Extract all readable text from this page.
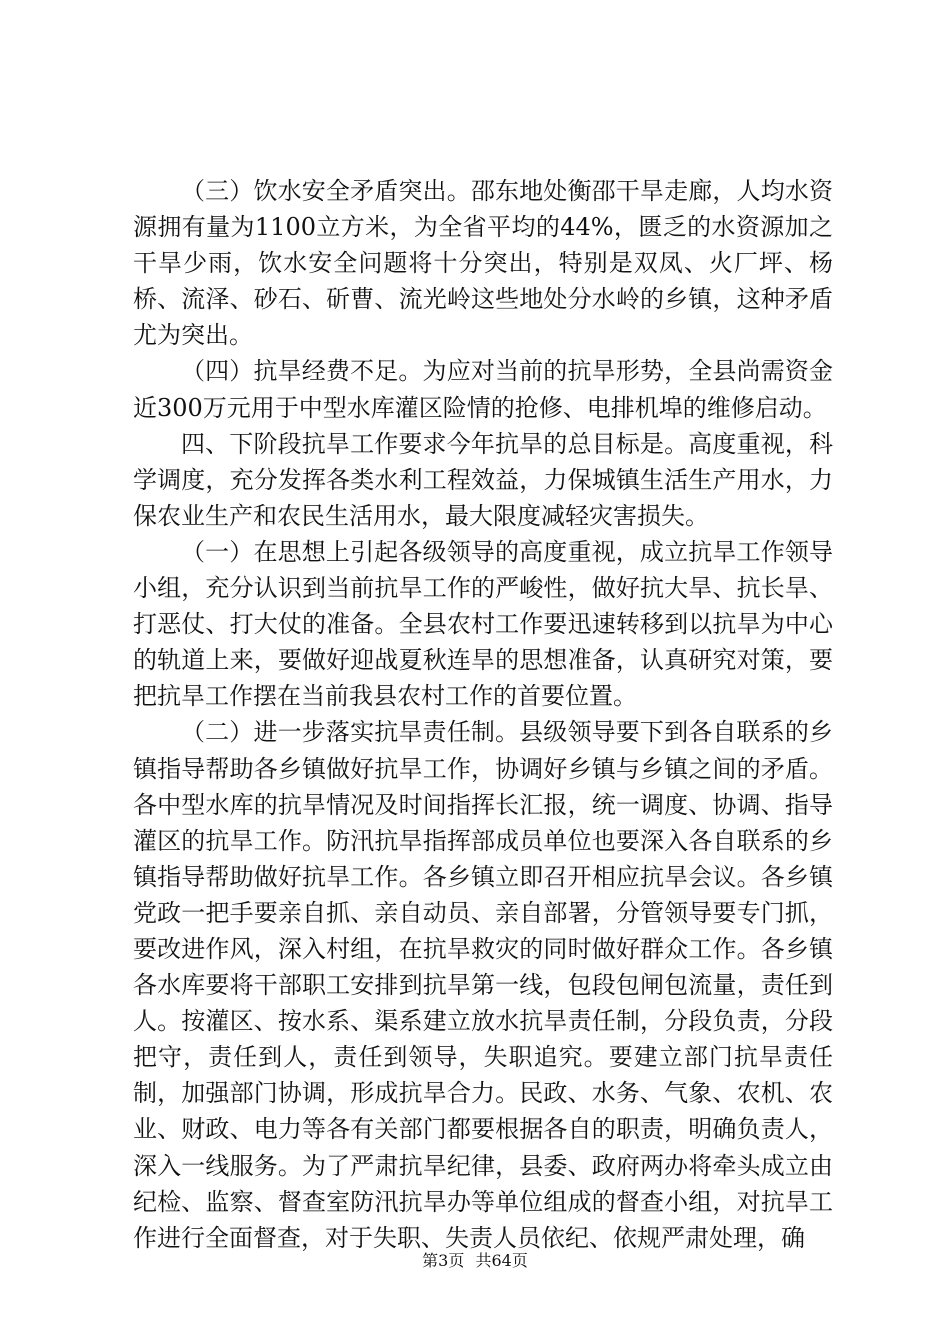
（三）饮水安全矛盾突出。邵东地处衡邵干旱走廊，人均水资源拥有量为1100立方米，为全省平均的44%，匮乏的水资源加之干旱少雨，饮水安全问题将十分突出，特别是双凤、火厂坪、杨桥、流泽、砂石、斫曹、流光岭这些地处分水岭的乡镇，这种矛盾尤为突出。

（四）抗旱经费不足。为应对当前的抗旱形势，全县尚需资金近300万元用于中型水库灌区险情的抢修、电排机埠的维修启动。

四、下阶段抗旱工作要求今年抗旱的总目标是。高度重视，科学调度，充分发挥各类水利工程效益，力保城镇生活生产用水，力保农业生产和农民生活用水，最大限度减轻灾害损失。

（一）在思想上引起各级领导的高度重视，成立抗旱工作领导小组，充分认识到当前抗旱工作的严峻性，做好抗大旱、抗长旱、打恶仗、打大仗的准备。全县农村工作要迅速转移到以抗旱为中心的轨道上来，要做好迎战夏秋连旱的思想准备，认真研究对策，要把抗旱工作摆在当前我县农村工作的首要位置。

（二）进一步落实抗旱责任制。县级领导要下到各自联系的乡镇指导帮助各乡镇做好抗旱工作，协调好乡镇与乡镇之间的矛盾。各中型水库的抗旱情况及时间指挥长汇报，统一调度、协调、指导灌区的抗旱工作。防汛抗旱指挥部成员单位也要深入各自联系的乡镇指导帮助做好抗旱工作。各乡镇立即召开相应抗旱会议。各乡镇党政一把手要亲自抓、亲自动员、亲自部署，分管领导要专门抓，要改进作风，深入村组，在抗旱救灾的同时做好群众工作。各乡镇各水库要将干部职工安排到抗旱第一线，包段包闸包流量，责任到人。按灌区、按水系、渠系建立放水抗旱责任制，分段负责，分段把守，责任到人，责任到领导，失职追究。要建立部门抗旱责任制，加强部门协调，形成抗旱合力。民政、水务、气象、农机、农业、财政、电力等各有关部门都要根据各自的职责，明确负责人，深入一线服务。为了严肃抗旱纪律，县委、政府两办将牵头成立由纪检、监察、督查室防汛抗旱办等单位组成的督查小组，对抗旱工作进行全面督查，对于失职、失责人员依纪、依规严肃处理，确

第3页 共64页
